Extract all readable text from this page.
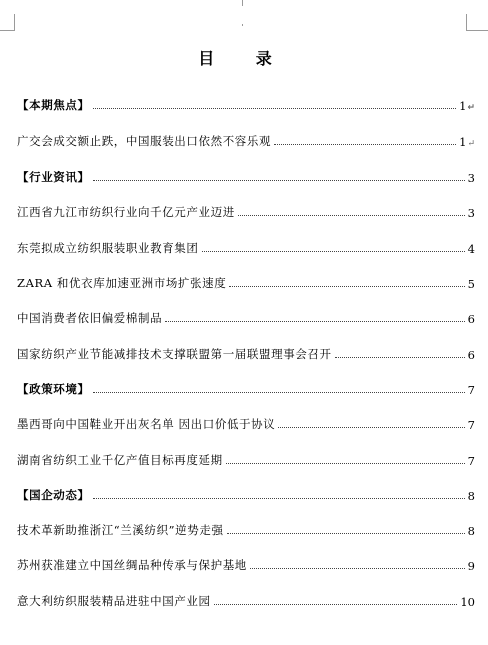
目 录
【本期焦点】	1 ↵
广交会成交额止跌，中国服装出口依然不容乐观	1 ↵
【行业资讯】	3
江西省九江市纺织行业向千亿元产业迈进	3
东莞拟成立纺织服装职业教育集团	4
ZARA 和优衣库加速亚洲市场扩张速度	5
中国消费者依旧偏爱棉制品	6
国家纺织产业节能减排技术支撑联盟第一届联盟理事会召开	6
【政策环境】	7
墨西哥向中国鞋业开出灰名单 因出口价低于协议	7
湖南省纺织工业千亿产值目标再度延期	7
【国企动态】	8
技术革新助推浙江“兰溪纺织”逆势走强	8
苏州获准建立中国丝绸品种传承与保护基地	9
意大利纺织服装精品进驻中国产业园	10
